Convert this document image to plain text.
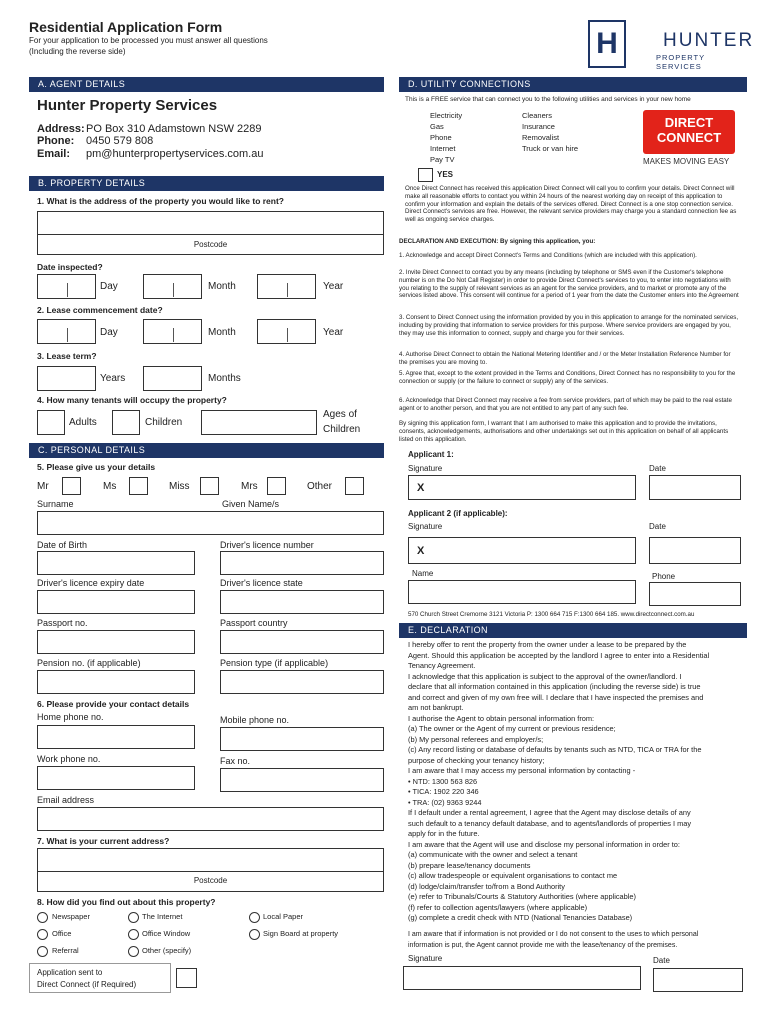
Residential Application Form
For your application to be processed you must answer all questions
(Including the reverse side)	H	HUNTER
PROPERTY SERVICES
A. AGENT DETAILS
Hunter Property Services
Address: PO Box 310 Adamstown NSW 2289
Phone: 0450 579 808
Email: pm@hunterpropertyservices.com.au
B. PROPERTY DETAILS
1. What is the address of the property you would like to rent?
Postcode
Date inspected?
Day	Month	Year
2. Lease commencement date?
Day	Month	Year
3. Lease term?
Years	Months
4. How many tenants will occupy the property?
Adults	Children
Ages of
Children
C. PERSONAL DETAILS
5. Please give us your details
Mr	Ms	Miss	Mrs	Other
Surname	Given Name/s
Date of Birth	Driver's licence number
Driver's licence expiry date	Driver's licence state
Passport no.	Passport country
Pension no. (if applicable)	Pension type (if applicable)
6. Please provide your contact details
Home phone no.	Mobile phone no.
Work phone no.	Fax no.
Email address
7. What is your current address?
Postcode
8. How did you find out about this property?
Newspaper	The Internet	Local Paper
Office	Office Window	Sign Board at property
Referral	Other (specify)
Application sent to
Direct Connect (if Required)
D. UTILITY CONNECTIONS
This is a FREE service that can connect you to the following utilities and services in your new home
Electricity
Gas
Phone
Internet
Pay TV
Cleaners
Insurance
Removalist
Truck or van hire
DIRECT
CONNECT
MAKES MOVING EASY
YES
Once Direct Connect has received this application Direct Connect will call you to confirm your details. Direct Connect will make all reasonable efforts to contact you within 24 hours of the nearest working day on receipt of this application to confirm your information and explain the details of the services offered. Direct Connect is a one stop connection service. Direct Connect's services are free. However, the relevant service providers may charge you a standard connection fee as well as ongoing service charges.
DECLARATION AND EXECUTION: By signing this application, you:
1. Acknowledge and accept Direct Connect's Terms and Conditions (which are included with this application).
2. Invite Direct Connect to contact you by any means (including by telephone or SMS even if the Customer's telephone number is on the Do Not Call Register) in order to provide Direct Connect's services to you, to enter into negotiations with you relating to the supply of relevant services as an agent for the service providers, and to market or promote any of the services listed above. This consent will continue for a period of 1 year from the date the Customer enters into the Agreement
3. Consent to Direct Connect using the information provided by you in this application to arrange for the nominated services, including by providing that information to service providers for this purpose. Where service providers are engaged by you, they may use this information to connect, supply and charge you for their services.
4. Authorise Direct Connect to obtain the National Metering Identifier and / or the Meter Installation Reference Number for the premises you are moving to.
5. Agree that, except to the extent provided in the Terms and Conditions, Direct Connect has no responsibility to you for the connection or supply (or the failure to connect or supply) any of the services.
6. Acknowledge that Direct Connect may receive a fee from service providers, part of which may be paid to the real estate agent or to another person, and that you are not entitled to any part of any such fee.
By signing this application form, I warrant that I am authorised to make this application and to provide the invitations, consents, acknowledgements, authorisations and other undertakings set out in this application on behalf of all applicants listed on this application.
Applicant 1:
Signature	Date
X
Applicant 2 (if applicable):
Signature	Date
X
Name	Phone
570 Church Street Cremorne 3121 Victoria P: 1300 664 715 F:1300 664 185. www.directconnect.com.au
E. DECLARATION
I hereby offer to rent the property from the owner under a lease to be prepared by the
Agent. Should this application be accepted by the landlord I agree to enter into a Residential
Tenancy Agreement.
I acknowledge that this application is subject to the approval of the owner/landlord. I
declare that all information contained in this application (including the reverse side) is true
and correct and given of my own free will. I declare that I have inspected the premises and
am not bankrupt.
I authorise the Agent to obtain personal information from:
(a) The owner or the Agent of my current or previous residence;
(b) My personal referees and employer/s;
(c) Any record listing or database of defaults by tenants such as NTD, TICA or TRA for the
purpose of checking your tenancy history;
I am aware that I may access my personal information by contacting -
• NTD: 1300 563 826
• TICA: 1902 220 346
• TRA: (02) 9363 9244
If I default under a rental agreement, I agree that the Agent may disclose details of any
such default to a tenancy default database, and to agents/landlords of properties I may
apply for in the future.
I am aware that the Agent will use and disclose my personal information in order to:
(a) communicate with the owner and select a tenant
(b) prepare lease/tenancy documents
(c) allow tradespeople or equivalent organisations to contact me
(d) lodge/claim/transfer to/from a Bond Authority
(e) refer to Tribunals/Courts & Statutory Authorities (where applicable)
(f) refer to collection agents/lawyers (where applicable)
(g) complete a credit check with NTD (National Tenancies Database)
I am aware that if information is not provided or I do not consent to the uses to which personal
information is put, the Agent cannot provide me with the lease/tenancy of the premises.
Signature	Date
